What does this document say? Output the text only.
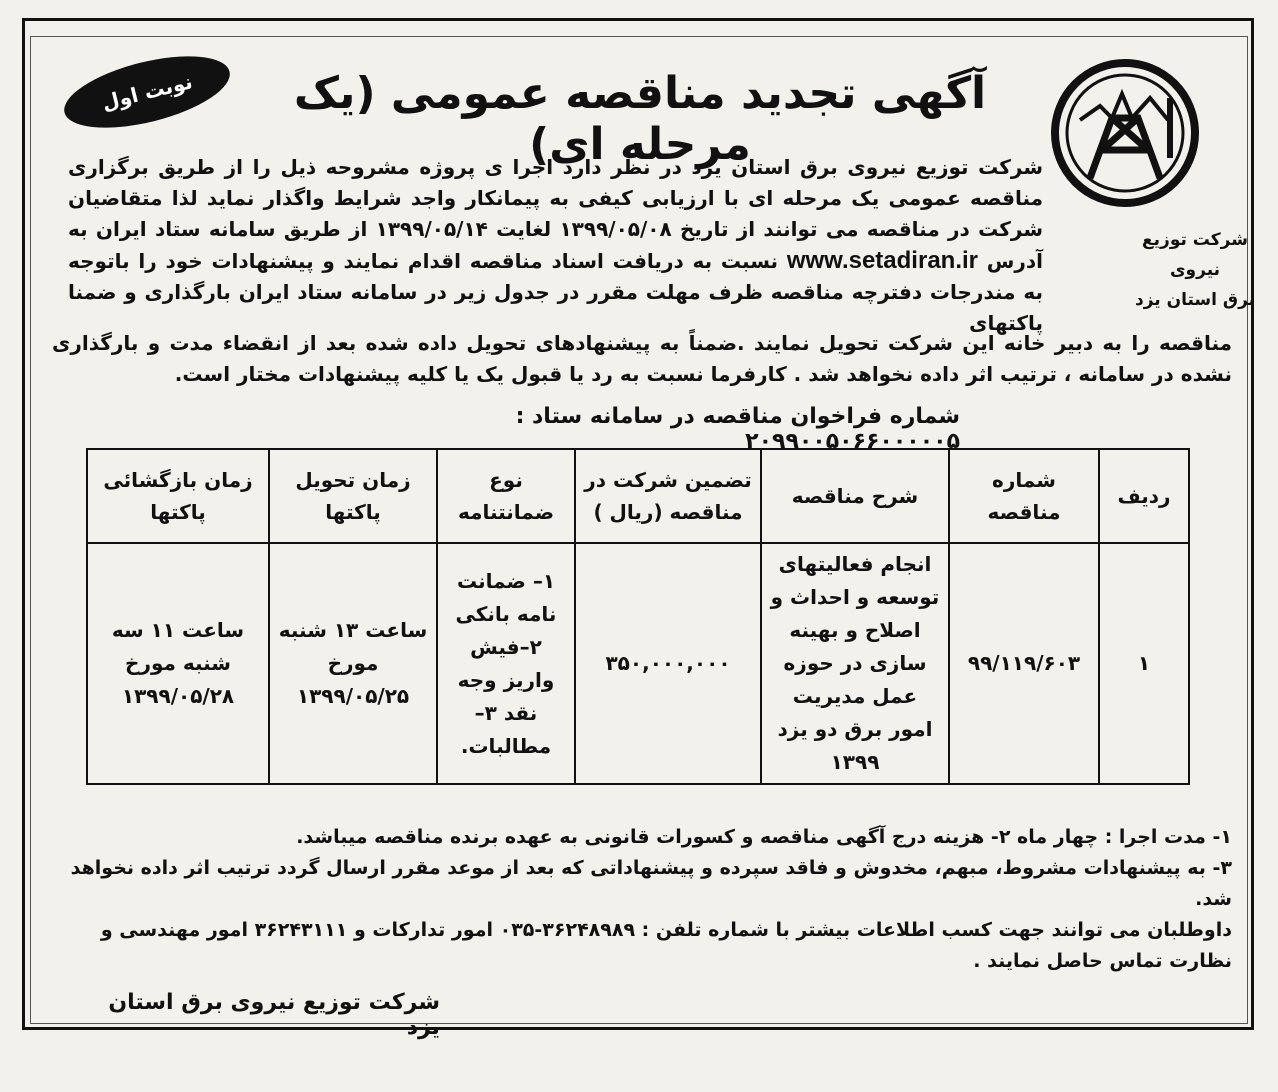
نوبت اول	آگهی تجدید مناقصه عمومی (یک مرحله ای)
شرکت توزیع نیروی
برق استان یزد
شرکت توزیع نیروی برق استان یزد در نظر دارد اجرا ی پروژه مشروحه ذیل را از طریق برگزاری مناقصه عمومی یک مرحله ای با ارزیابی کیفی به پیمانکار واجد شرایط واگذار نماید لذا متقاضیان شرکت در مناقصه می توانند از تاریخ ۱۳۹۹/۰۵/۰۸ لغایت ۱۳۹۹/۰۵/۱۴ از طریق سامانه ستاد ایران به آدرس www.setadiran.ir نسبت به دریافت اسناد مناقصه اقدام نمایند و پیشنهادات خود را باتوجه به مندرجات دفترچه مناقصه ظرف مهلت مقرر در جدول زیر در سامانه ستاد ایران بارگذاری و ضمنا پاکتهای
مناقصه را به دبیر خانه این شرکت تحویل نمایند .ضمناً به پیشنهادهای تحویل داده شده بعد از انقضاء مدت و بارگذاری نشده در سامانه ، ترتیب اثر داده نخواهد شد . کارفرما نسبت به رد یا قبول یک یا کلیه پیشنهادات مختار است.
شماره فراخوان مناقصه در سامانه ستاد : ۲۰۹۹۰۰۵۰۶۶۰۰۰۰۰۵
ردیف	شماره مناقصه	شرح مناقصه	تضمین شرکت در مناقصه (ریال )	نوع ضمانتنامه	زمان تحویل پاکتها	زمان بازگشائی پاکتها
۱	۹۹/۱۱۹/۶۰۳	انجام فعالیتهای توسعه و احداث و اصلاح و بهینه سازی در حوزه عمل مدیریت امور برق دو یزد ۱۳۹۹	۳۵۰,۰۰۰,۰۰۰	۱– ضمانت نامه بانکی ۲–فیش واریز وجه نقد ۳– مطالبات.	ساعت ۱۳ شنبه مورخ ۱۳۹۹/۰۵/۲۵	ساعت ۱۱ سه شنبه مورخ ۱۳۹۹/۰۵/۲۸
۱- مدت اجرا : چهار ماه ۲- هزینه درج آگهی مناقصه و کسورات قانونی به عهده برنده مناقصه میباشد.
۳- به پیشنهادات مشروط، مبهم، مخدوش و فاقد سپرده و پیشنهاداتی که بعد از موعد مقرر ارسال گردد ترتیب اثر داده نخواهد شد.
داوطلبان می توانند جهت کسب اطلاعات بیشتر با شماره تلفن : ۳۶۲۴۸۹۸۹-۰۳۵ امور تدارکات و ۳۶۲۴۳۱۱۱ امور مهندسی و نظارت تماس حاصل نمایند .
شرکت توزیع نیروی برق استان یزد
